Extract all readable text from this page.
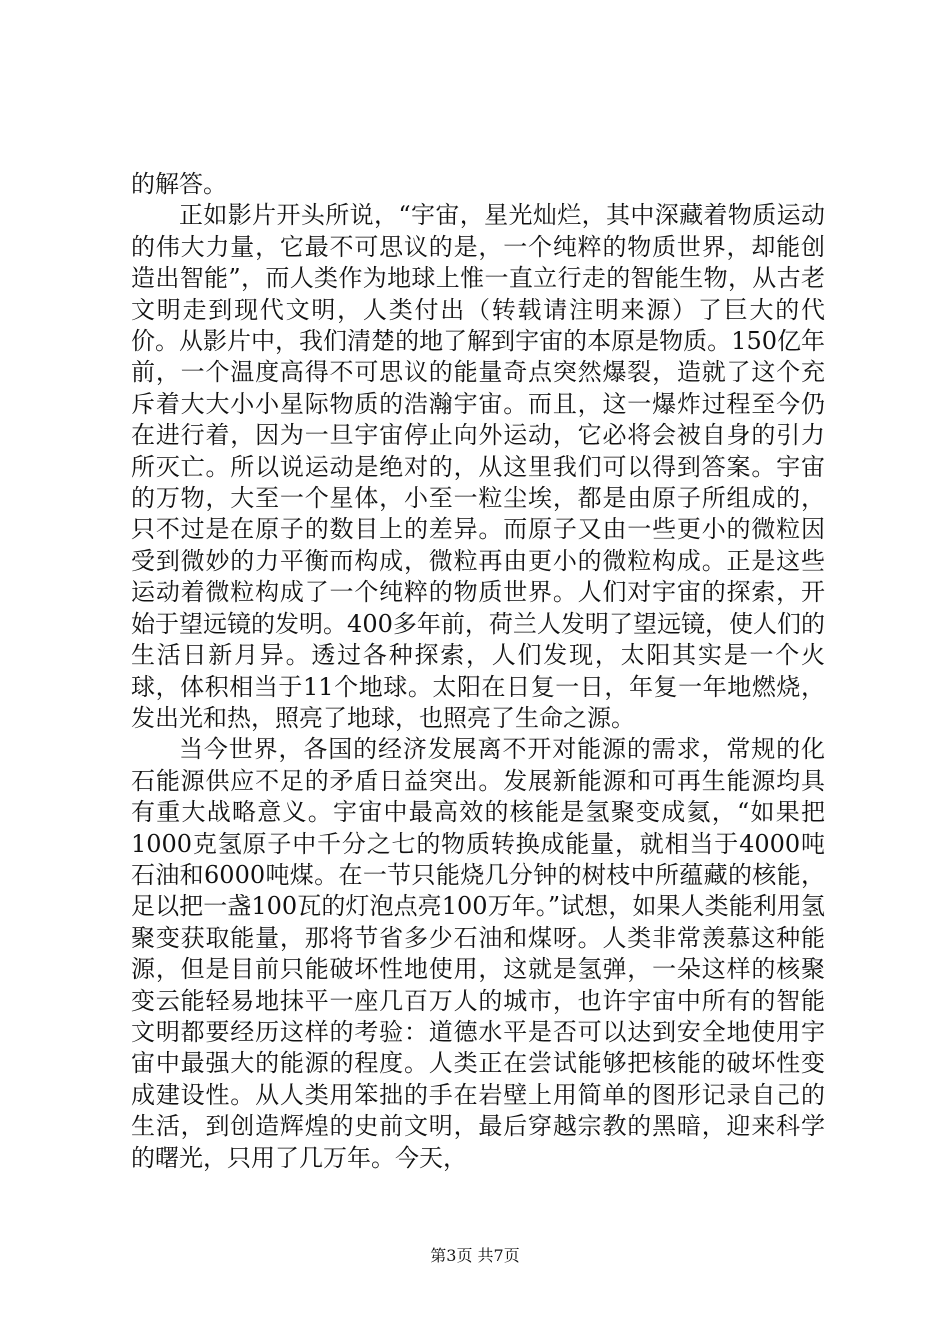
的解答。

正如影片开头所说，“宇宙，星光灿烂，其中深藏着物质运动的伟大力量，它最不可思议的是，一个纯粹的物质世界，却能创造出智能”，而人类作为地球上惟一直立行走的智能生物，从古老文明走到现代文明，人类付出（转载请注明来源）了巨大的代价。从影片中，我们清楚的地了解到宇宙的本原是物质。150亿年前，一个温度高得不可思议的能量奇点突然爆裂，造就了这个充斥着大大小小星际物质的浩瀚宇宙。而且，这一爆炸过程至今仍在进行着，因为一旦宇宙停止向外运动，它必将会被自身的引力所灭亡。所以说运动是绝对的，从这里我们可以得到答案。宇宙的万物，大至一个星体，小至一粒尘埃，都是由原子所组成的，只不过是在原子的数目上的差异。而原子又由一些更小的微粒因受到微妙的力平衡而构成，微粒再由更小的微粒构成。正是这些运动着微粒构成了一个纯粹的物质世界。人们对宇宙的探索，开始于望远镜的发明。400多年前，荷兰人发明了望远镜，使人们的生活日新月异。透过各种探索，人们发现，太阳其实是一个火球，体积相当于11个地球。太阳在日复一日，年复一年地燃烧，发出光和热，照亮了地球，也照亮了生命之源。

当今世界，各国的经济发展离不开对能源的需求，常规的化石能源供应不足的矛盾日益突出。发展新能源和可再生能源均具有重大战略意义。宇宙中最高效的核能是氢聚变成氦，“如果把1000克氢原子中千分之七的物质转换成能量，就相当于4000吨石油和6000吨煤。在一节只能烧几分钟的树枝中所蕴藏的核能，足以把一盏100瓦的灯泡点亮100万年。”试想，如果人类能利用氢聚变获取能量，那将节省多少石油和煤呀。人类非常羡慕这种能源，但是目前只能破坏性地使用，这就是氢弹，一朵这样的核聚变云能轻易地抹平一座几百万人的城市，也许宇宙中所有的智能文明都要经历这样的考验：道德水平是否可以达到安全地使用宇宙中最强大的能源的程度。人类正在尝试能够把核能的破坏性变成建设性。从人类用笨拙的手在岩壁上用简单的图形记录自己的生活，到创造辉煌的史前文明，最后穿越宗教的黑暗，迎来科学的曙光，只用了几万年。今天，

第3页 共7页
